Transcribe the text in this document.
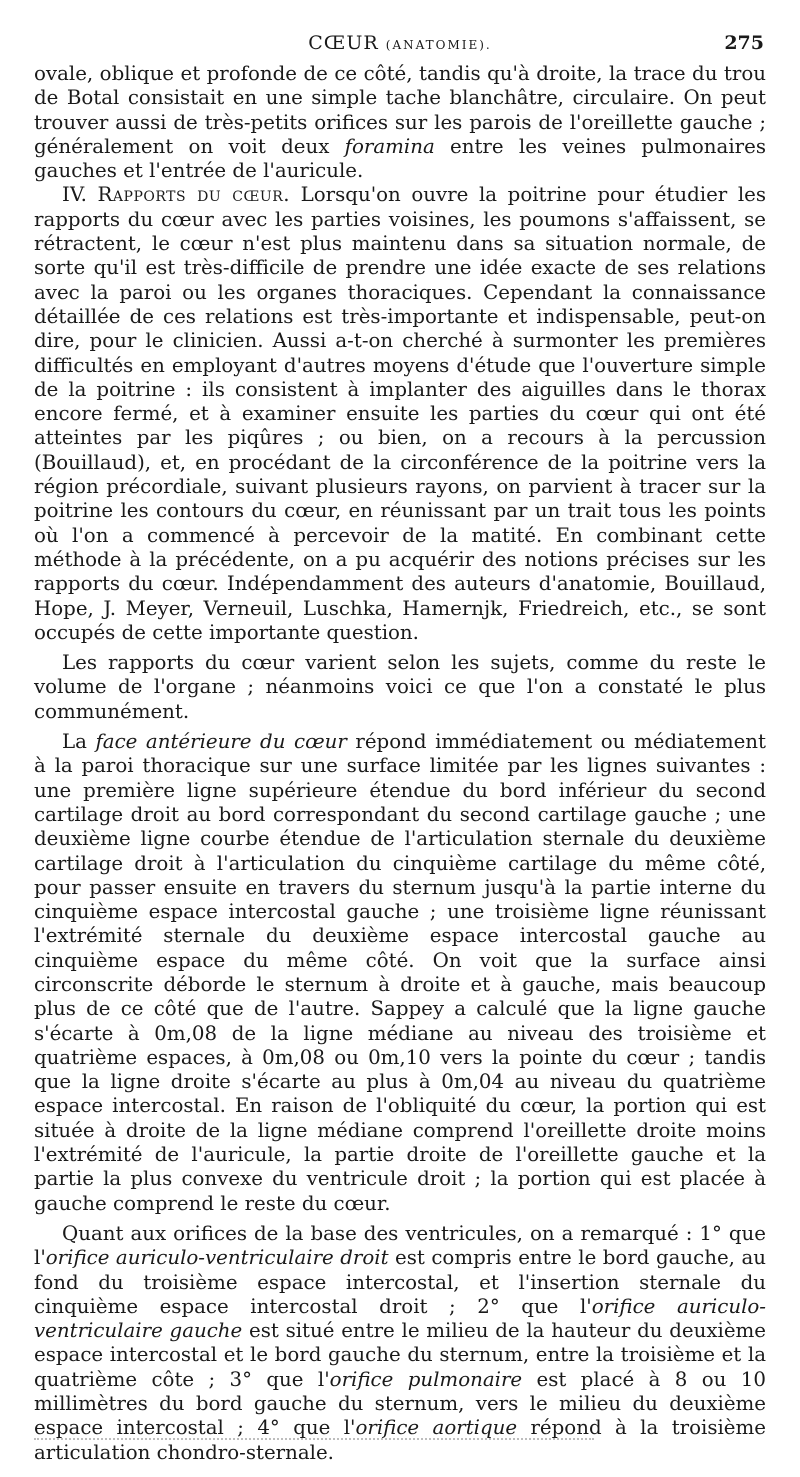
CŒUR (ANATOMIE).	275

ovale, oblique et profonde de ce côté, tandis qu'à droite, la trace du trou de Botal consistait en une simple tache blanchâtre, circulaire. On peut trouver aussi de très-petits orifices sur les parois de l'oreillette gauche ; généralement on voit deux foramina entre les veines pulmonaires gauches et l'entrée de l'auricule.

IV. Rapports du cœur. Lorsqu'on ouvre la poitrine pour étudier les rapports du cœur avec les parties voisines, les poumons s'affaissent, se rétractent, le cœur n'est plus maintenu dans sa situation normale, de sorte qu'il est très-difficile de prendre une idée exacte de ses relations avec la paroi ou les organes thoraciques. Cependant la connaissance détaillée de ces relations est très-importante et indispensable, peut-on dire, pour le clinicien. Aussi a-t-on cherché à surmonter les premières difficultés en employant d'autres moyens d'étude que l'ouverture simple de la poitrine : ils consistent à implanter des aiguilles dans le thorax encore fermé, et à examiner ensuite les parties du cœur qui ont été atteintes par les piqûres ; ou bien, on a recours à la percussion (Bouillaud), et, en procédant de la circonférence de la poitrine vers la région précordiale, suivant plusieurs rayons, on parvient à tracer sur la poitrine les contours du cœur, en réunissant par un trait tous les points où l'on a commencé à percevoir de la matité. En combinant cette méthode à la précédente, on a pu acquérir des notions précises sur les rapports du cœur. Indépendamment des auteurs d'anatomie, Bouillaud, Hope, J. Meyer, Verneuil, Luschka, Hamernjk, Friedreich, etc., se sont occupés de cette importante question.

Les rapports du cœur varient selon les sujets, comme du reste le volume de l'organe ; néanmoins voici ce que l'on a constaté le plus communément.

La face antérieure du cœur répond immédiatement ou médiatement à la paroi thoracique sur une surface limitée par les lignes suivantes : une première ligne supérieure étendue du bord inférieur du second cartilage droit au bord correspondant du second cartilage gauche ; une deuxième ligne courbe étendue de l'articulation sternale du deuxième cartilage droit à l'articulation du cinquième cartilage du même côté, pour passer ensuite en travers du sternum jusqu'à la partie interne du cinquième espace intercostal gauche ; une troisième ligne réunissant l'extrémité sternale du deuxième espace intercostal gauche au cinquième espace du même côté. On voit que la surface ainsi circonscrite déborde le sternum à droite et à gauche, mais beaucoup plus de ce côté que de l'autre. Sappey a calculé que la ligne gauche s'écarte à 0m,08 de la ligne médiane au niveau des troisième et quatrième espaces, à 0m,08 ou 0m,10 vers la pointe du cœur ; tandis que la ligne droite s'écarte au plus à 0m,04 au niveau du quatrième espace intercostal. En raison de l'obliquité du cœur, la portion qui est située à droite de la ligne médiane comprend l'oreillette droite moins l'extrémité de l'auricule, la partie droite de l'oreillette gauche et la partie la plus convexe du ventricule droit ; la portion qui est placée à gauche comprend le reste du cœur.

Quant aux orifices de la base des ventricules, on a remarqué : 1° que l'orifice auriculo-ventriculaire droit est compris entre le bord gauche, au fond du troisième espace intercostal, et l'insertion sternale du cinquième espace intercostal droit ; 2° que l'orifice auriculo-ventriculaire gauche est situé entre le milieu de la hauteur du deuxième espace intercostal et le bord gauche du sternum, entre la troisième et la quatrième côte ; 3° que l'orifice pulmonaire est placé à 8 ou 10 millimètres du bord gauche du sternum, vers le milieu du deuxième espace intercostal ; 4° que l'orifice aortique répond à la troisième articulation chondro-sternale.
